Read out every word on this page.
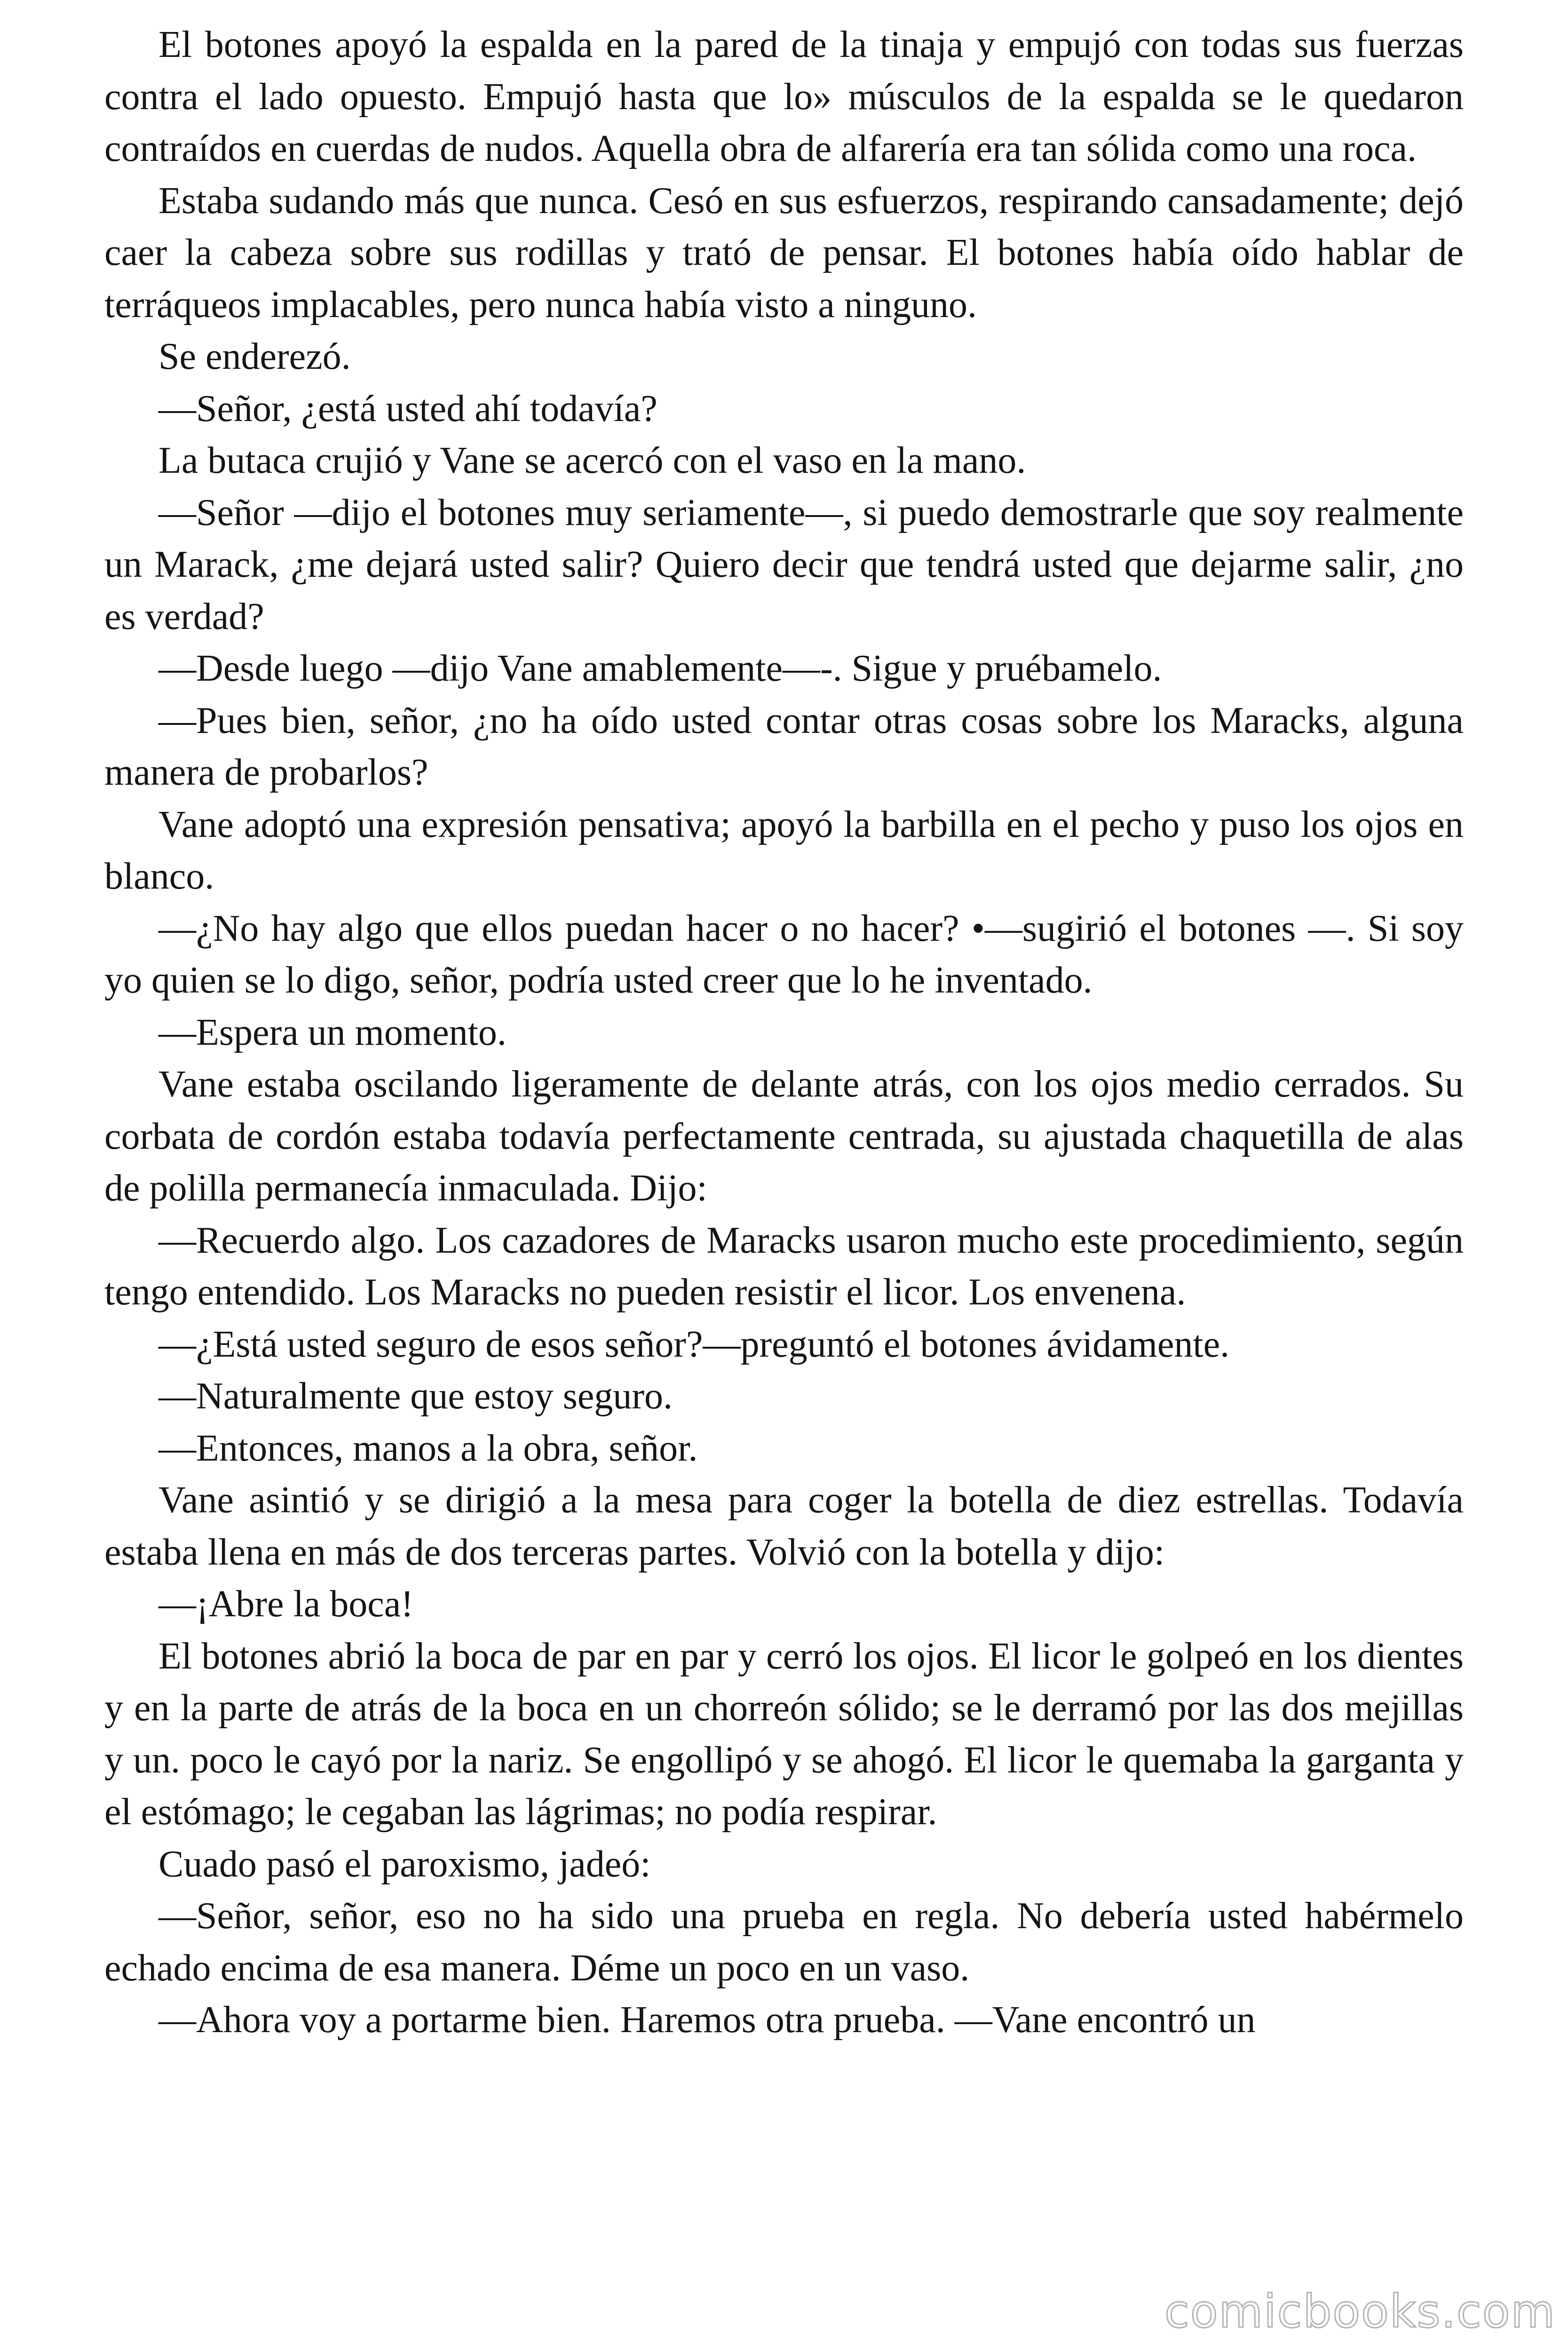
El botones apoyó la espalda en la pared de la tinaja y empujó con todas sus fuerzas contra el lado opuesto. Empujó hasta que lo» músculos de la espalda se le quedaron contraídos en cuerdas de nudos. Aquella obra de alfarería era tan sólida como una roca.

Estaba sudando más que nunca. Cesó en sus esfuerzos, respirando cansadamente; dejó caer la cabeza sobre sus rodillas y trató de pensar. El botones había oído hablar de terráqueos implacables, pero nunca había visto a ninguno.

Se enderezó.

—Señor, ¿está usted ahí todavía?

La butaca crujió y Vane se acercó con el vaso en la mano.

—Señor —dijo el botones muy seriamente—, si puedo demostrarle que soy realmente un Marack, ¿me dejará usted salir? Quiero decir que tendrá usted que dejarme salir, ¿no es verdad?

—Desde luego —dijo Vane amablemente—-. Sigue y pruébamelo.

—Pues bien, señor, ¿no ha oído usted contar otras cosas sobre los Maracks, alguna manera de probarlos?

Vane adoptó una expresión pensativa; apoyó la barbilla en el pecho y puso los ojos en blanco.

—¿No hay algo que ellos puedan hacer o no hacer? •—sugirió el botones —. Si soy yo quien se lo digo, señor, podría usted creer que lo he inventado.

—Espera un momento.

Vane estaba oscilando ligeramente de delante atrás, con los ojos medio cerrados. Su corbata de cordón estaba todavía perfectamente centrada, su ajustada chaquetilla de alas de polilla permanecía inmaculada. Dijo:

—Recuerdo algo. Los cazadores de Maracks usaron mucho este procedimiento, según tengo entendido. Los Maracks no pueden resistir el licor. Los envenena.

—¿Está usted seguro de esos señor?—preguntó el botones ávidamente.

—Naturalmente que estoy seguro.

—Entonces, manos a la obra, señor.

Vane asintió y se dirigió a la mesa para coger la botella de diez estrellas. Todavía estaba llena en más de dos terceras partes. Volvió con la botella y dijo:

—¡Abre la boca!

El botones abrió la boca de par en par y cerró los ojos. El licor le golpeó en los dientes y en la parte de atrás de la boca en un chorreón sólido; se le derramó por las dos mejillas y un. poco le cayó por la nariz. Se engollipó y se ahogó. El licor le quemaba la garganta y el estómago; le cegaban las lágrimas; no podía respirar.

Cuado pasó el paroxismo, jadeó:

—Señor, señor, eso no ha sido una prueba en regla. No debería usted habérmelo echado encima de esa manera. Déme un poco en un vaso.

—Ahora voy a portarme bien. Haremos otra prueba. —Vane encontró un

comicbooks.com
